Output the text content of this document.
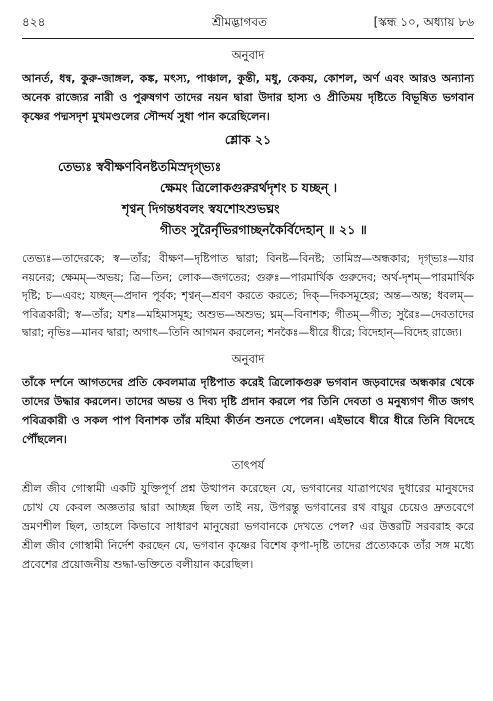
৪২৪	শ্রীমদ্ভাগবত	[স্কন্ধ ১০, অধ্যায় ৮৬
অনুবাদ

আনর্ত, ধন্ব, কুরু-জাঙ্গল, কঙ্ক, মৎস্য, পাঞ্চাল, কুন্তী, মধু, কেকয়, কোশল, অর্ণ এবং আরও অন্যান্য অনেক রাজ্যের নারী ও পুরুষগণ তাদের নয়ন দ্বারা উদার হাস্য ও প্রীতিময় দৃষ্টিতে বিভূষিত ভগবান কৃষ্ণের পদ্মসদৃশ মুখমণ্ডলের সৌন্দর্য সুধা পান করেছিলেন।

শ্লোক ২১

তেভ্যঃ স্ববীক্ষণবিনষ্টতমিস্রদৃগ্‌ভ্যঃ

ক্ষেমং ত্রিলোকগুরুরর্থদৃশং চ যচ্ছন্‌ ।

শৃণ্বন্‌ দিগন্তধবলং স্বযশোঽশুভঘ্নং

গীতং সুরৈর্নৃভিরগাচ্ছনকৈর্বিদেহান্‌ ॥ ২১ ॥

তেভ্যঃ—তাদেরকে; স্ব—তাঁর; বীক্ষণ—দৃষ্টিপাত দ্বারা; বিনষ্ট—বিনষ্ট; তামিস্র—অন্ধকার; দৃগ্‌ভ্যঃ—যার নয়নের; ক্ষেমম্‌—অভয়; ত্রি—তিন; লোক—জগতের; গুরুঃ—পারমার্থিক গুরুদেব; অর্থ-দৃশম্‌—পারমার্থিক দৃষ্টি; চ—এবং; যচ্ছন্‌—প্রদান পূর্বক; শৃণ্বন্‌—শ্রবণ করতে করতে; দিক্‌—দিকসমূহের; অন্ত—অন্ত; ধবলম্‌—পবিত্রকারী; স্ব—তাঁর; যশঃ—মহিমাসমূহ; অশুভ—অশুভ; ঘ্নম্‌—বিনাশক; গীতম্‌—গীত; সুরৈঃ—দেবতাদের দ্বারা; নৃভিঃ—মানব দ্বারা; অগাৎ—তিনি আগমন করলেন; শনকৈঃ—ধীরে ধীরে; বিদেহান্‌—বিদেহ রাজ্যে।

অনুবাদ

তাঁকে দর্শনে আগতদের প্রতি কেবলমাত্র দৃষ্টিপাত করেই ত্রিলোকগুরু ভগবান জড়বাদের অন্ধকার থেকে তাদের উদ্ধার করলেন। তাদের অভয় ও দিব্য দৃষ্টি প্রদান করলে পর তিনি দেবতা ও মনুষ্যগণ গীত জগৎ পবিত্রকারী ও সকল পাপ বিনাশক তাঁর মহিমা কীর্তন শুনতে পেলেন। এইভাবে ধীরে ধীরে তিনি বিদেহে পৌঁছলেন।

তাৎপর্য

শ্রীল জীব গোস্বামী একটি যুক্তিপূর্ণ প্রশ্ন উত্থাপন করেছেন যে, ভগবানের যাত্রাপথের দুধারের মানুষদের চোখ যে কেবল অজ্ঞতার দ্বারা আচ্ছন্ন ছিল তাই নয়, উপরন্তু ভগবানের রথ বায়ুর চেয়েও দ্রুতবেগে ভ্রমণশীল ছিল, তাহলে কিভাবে সাধারণ মানুষেরা ভগবানকে দেখতে পেল? এর উত্তরটি সরবরাহ করে শ্রীল জীব গোস্বামী নির্দেশ করছেন যে, ভগবান কৃষ্ণের বিশেষ কৃপা-দৃষ্টি তাদের প্রত্যেককে তাঁর সঙ্গ মধ্যে প্রবেশের প্রয়োজনীয় শুদ্ধা-ভক্তিতে বলীয়ান করেছিল।
